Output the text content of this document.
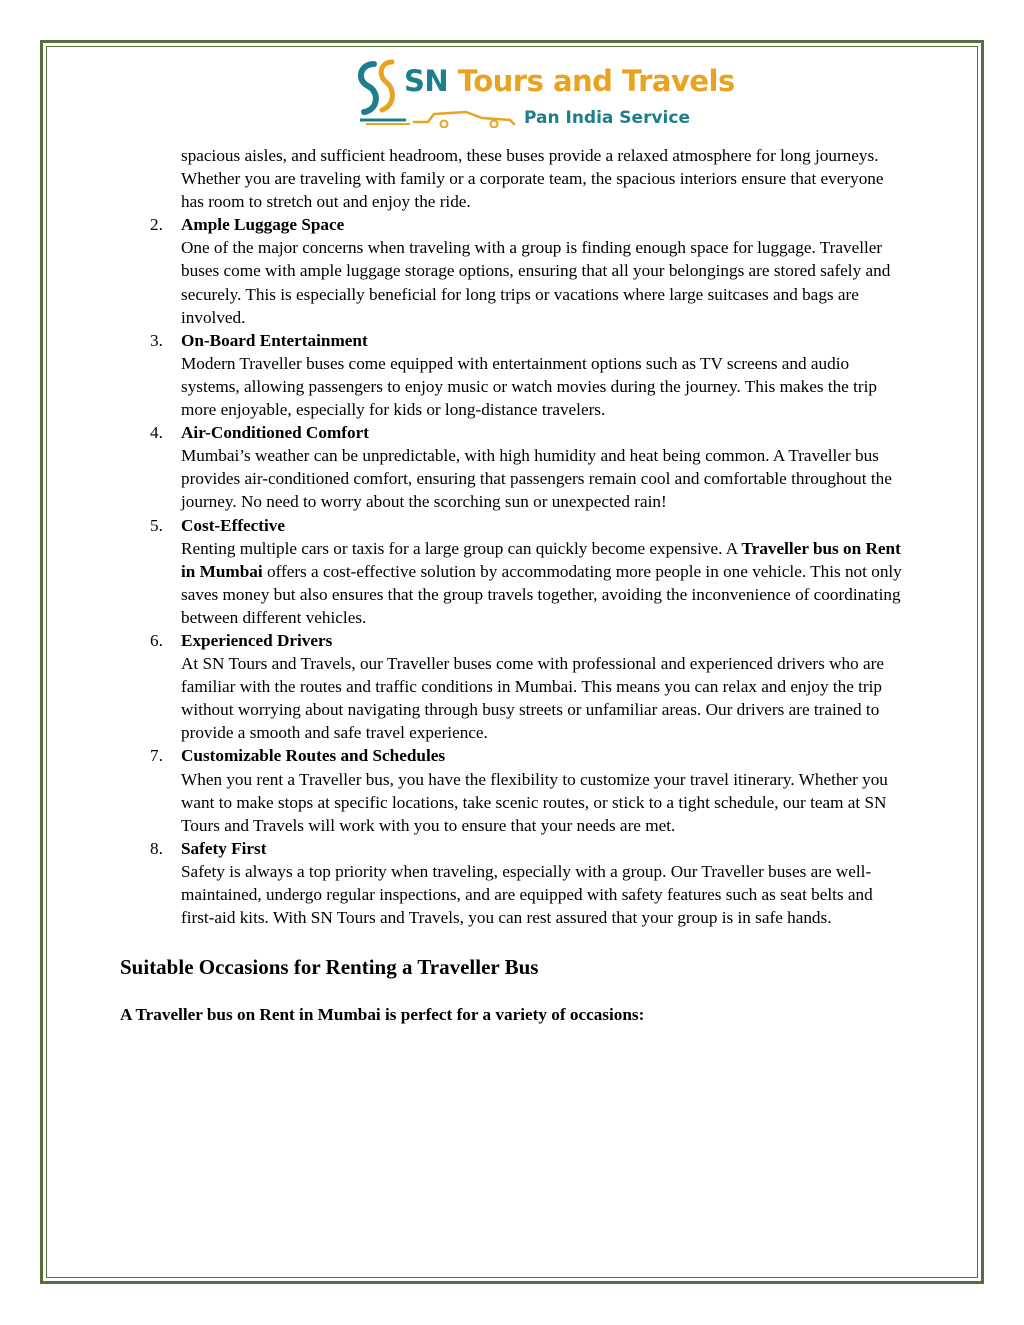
SN Tours and Travels
Pan India Service
spacious aisles, and sufficient headroom, these buses provide a relaxed atmosphere for long journeys. Whether you are traveling with family or a corporate team, the spacious interiors ensure that everyone has room to stretch out and enjoy the ride.
2. Ample Luggage Space
One of the major concerns when traveling with a group is finding enough space for luggage. Traveller buses come with ample luggage storage options, ensuring that all your belongings are stored safely and securely. This is especially beneficial for long trips or vacations where large suitcases and bags are involved.
3. On-Board Entertainment
Modern Traveller buses come equipped with entertainment options such as TV screens and audio systems, allowing passengers to enjoy music or watch movies during the journey. This makes the trip more enjoyable, especially for kids or long-distance travelers.
4. Air-Conditioned Comfort
Mumbai’s weather can be unpredictable, with high humidity and heat being common. A Traveller bus provides air-conditioned comfort, ensuring that passengers remain cool and comfortable throughout the journey. No need to worry about the scorching sun or unexpected rain!
5. Cost-Effective
Renting multiple cars or taxis for a large group can quickly become expensive. A Traveller bus on Rent in Mumbai offers a cost-effective solution by accommodating more people in one vehicle. This not only saves money but also ensures that the group travels together, avoiding the inconvenience of coordinating between different vehicles.
6. Experienced Drivers
At SN Tours and Travels, our Traveller buses come with professional and experienced drivers who are familiar with the routes and traffic conditions in Mumbai. This means you can relax and enjoy the trip without worrying about navigating through busy streets or unfamiliar areas. Our drivers are trained to provide a smooth and safe travel experience.
7. Customizable Routes and Schedules
When you rent a Traveller bus, you have the flexibility to customize your travel itinerary. Whether you want to make stops at specific locations, take scenic routes, or stick to a tight schedule, our team at SN Tours and Travels will work with you to ensure that your needs are met.
8. Safety First
Safety is always a top priority when traveling, especially with a group. Our Traveller buses are well-maintained, undergo regular inspections, and are equipped with safety features such as seat belts and first-aid kits. With SN Tours and Travels, you can rest assured that your group is in safe hands.
Suitable Occasions for Renting a Traveller Bus
A Traveller bus on Rent in Mumbai is perfect for a variety of occasions:
